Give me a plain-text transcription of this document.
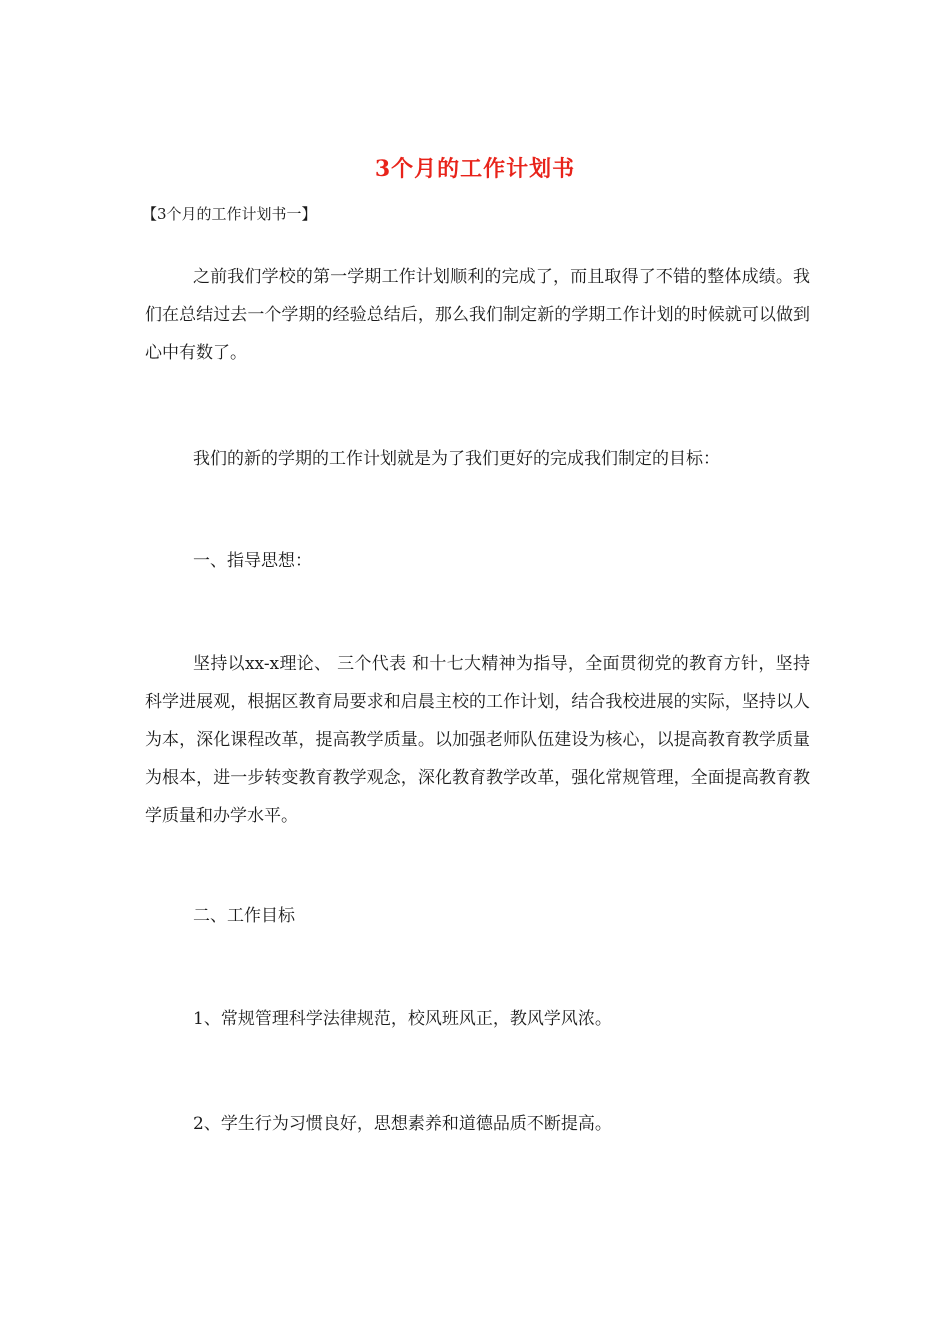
3个月的工作计划书
【3个月的工作计划书一】

之前我们学校的第一学期工作计划顺利的完成了，而且取得了不错的整体成绩。我们在总结过去一个学期的经验总结后，那么我们制定新的学期工作计划的时候就可以做到心中有数了。

我们的新的学期的工作计划就是为了我们更好的完成我们制定的目标：

一、指导思想：

坚持以xx-x理论、 三个代表 和十七大精神为指导，全面贯彻党的教育方针，坚持科学进展观，根据区教育局要求和启晨主校的工作计划，结合我校进展的实际，坚持以人为本，深化课程改革，提高教学质量。以加强老师队伍建设为核心，以提高教育教学质量为根本，进一步转变教育教学观念，深化教育教学改革，强化常规管理，全面提高教育教学质量和办学水平。

二、工作目标

1、常规管理科学法律规范，校风班风正，教风学风浓。

2、学生行为习惯良好，思想素养和道德品质不断提高。
